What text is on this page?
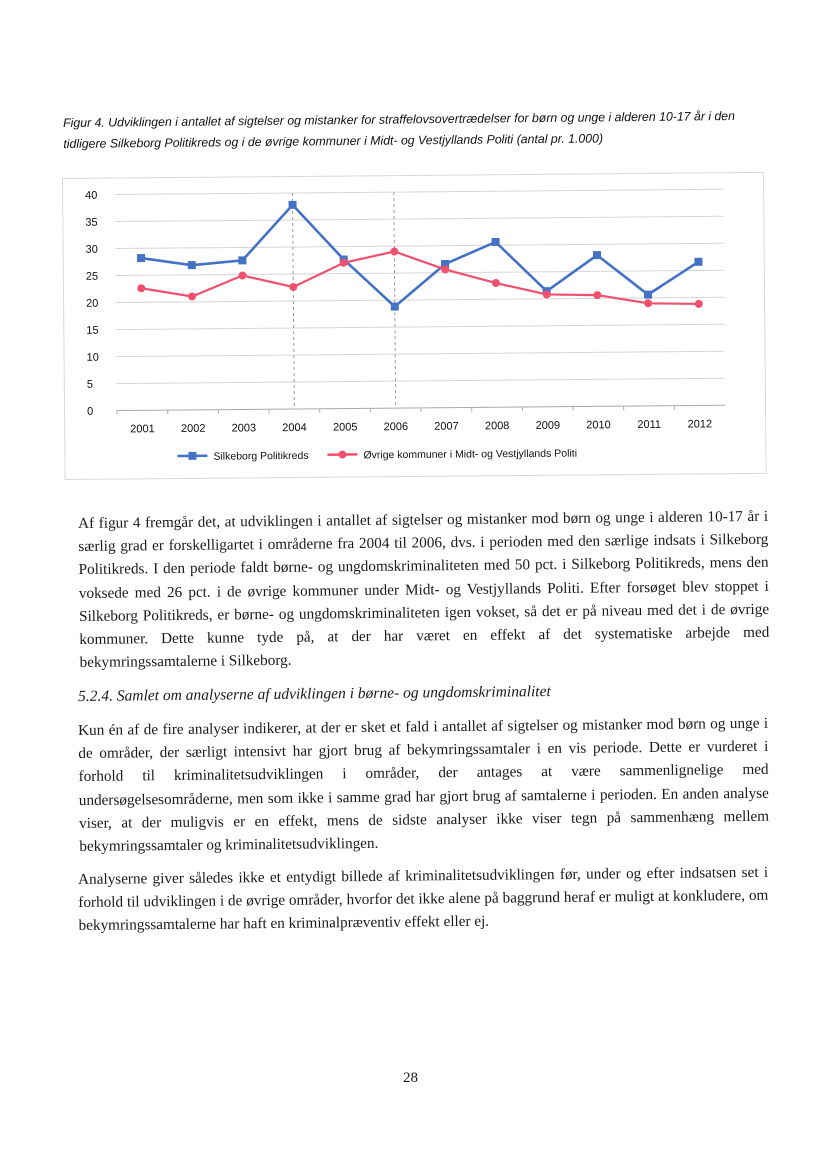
Figur 4. Udviklingen i antallet af sigtelser og mistanker for straffelovsovertrædelser for børn og unge i alderen 10-17 år i den tidligere Silkeborg Politikreds og i de øvrige kommuner i Midt- og Vestjyllands Politi (antal pr. 1.000)
0
5
10
15
20
25
30
35
40
2001 2002 2003 2004 2005 2006 2007 2008 2009 2010 2011 2012
Silkeborg Politikreds	Øvrige kommuner i Midt- og Vestjyllands Politi
Af figur 4 fremgår det, at udviklingen i antallet af sigtelser og mistanker mod børn og unge i alderen 10-17 år i særlig grad er forskelligartet i områderne fra 2004 til 2006, dvs. i perioden med den særlige indsats i Silkeborg Politikreds. I den periode faldt børne- og ungdomskriminaliteten med 50 pct. i Silkeborg Politikreds, mens den voksede med 26 pct. i de øvrige kommuner under Midt- og Vestjyllands Politi. Efter forsøget blev stoppet i Silkeborg Politikreds, er børne- og ungdomskriminaliteten igen vokset, så det er på niveau med det i de øvrige kommuner. Dette kunne tyde på, at der har været en effekt af det systematiske arbejde med bekymringssamtalerne i Silkeborg.
5.2.4. Samlet om analyserne af udviklingen i børne- og ungdomskriminalitet
Kun én af de fire analyser indikerer, at der er sket et fald i antallet af sigtelser og mistanker mod børn og unge i de områder, der særligt intensivt har gjort brug af bekymringssamtaler i en vis periode. Dette er vurderet i forhold til kriminalitetsudviklingen i områder, der antages at være sammenlignelige med undersøgelsesområderne, men som ikke i samme grad har gjort brug af samtalerne i perioden. En anden analyse viser, at der muligvis er en effekt, mens de sidste analyser ikke viser tegn på sammenhæng mellem bekymringssamtaler og kriminalitetsudviklingen.
Analyserne giver således ikke et entydigt billede af kriminalitetsudviklingen før, under og efter indsatsen set i forhold til udviklingen i de øvrige områder, hvorfor det ikke alene på baggrund heraf er muligt at konkludere, om bekymringssamtalerne har haft en kriminalpræventiv effekt eller ej.
28
